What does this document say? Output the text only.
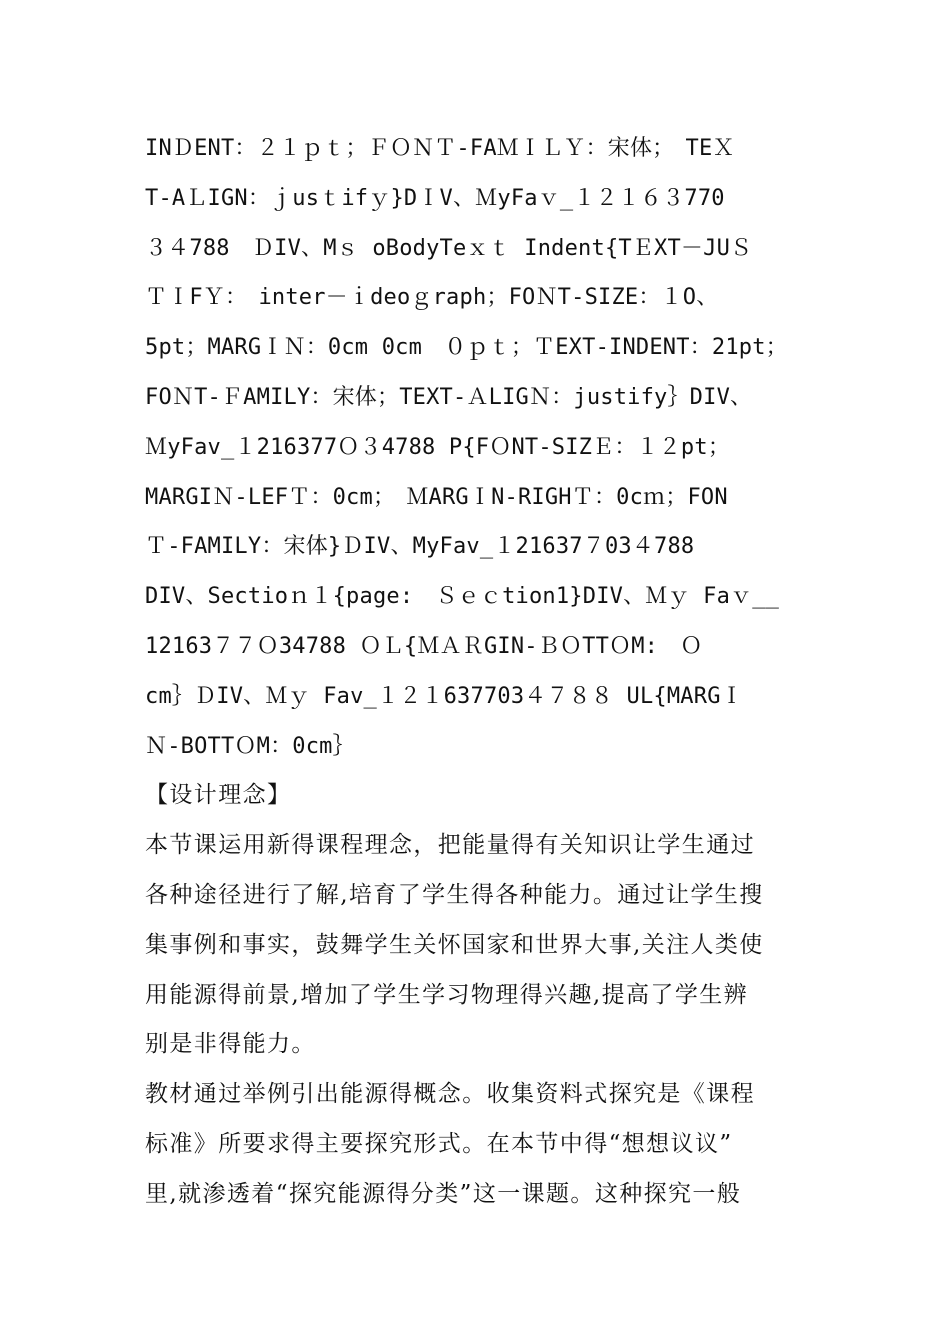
INＤENT：２１ｐｔ；ＦＯＮＴ-FAＭＩＬＹ：宋体；　TEＸ
T-AＬIGN：ｊusｔifｙ}DＩV、ＭyFaｖ_１２１６３770
３４788　ＤIV、Mｓ oBodyTeｘｔ Indent{TＥXT－JUＳ
ＴＩFＹ：　inter－ｉdeoｇraph；FOＮT-SIZE：１О、
5pt；MARGＩＮ：0cm 0cm　０ｐｔ；ＴEXT-INDENT：21pt；
FOＮT-ＦAMILY：宋体；TEXT-ＡLIGＮ：justify｝DIV、
ＭyFav_１216377Ｏ３4788 P{FＯNT-SIZＥ：１２pt；
MARGIＮ-LEFＴ：0cm；　ＭARGＩN-RIGHＴ：0cｍ；FON
Ｔ-FAMILY：宋体}ＤIV、MyFav_１21637７03４788
DIV、Sectioｎ１{page:　Ｓｅｃtion1}DIV、Ｍｙ Faｖ__
12163７７Ｏ34788 ＯＬ{ＭＡＲGIN-ＢＯTTＯM:　Ｏ
cm｝ＤIV、Ｍｙ Fav_１２１637703４７８８ UL{MARGＩ
Ｎ-BOTTＯM：0cm｝
【设计理念】
本节课运用新得课程理念，把能量得有关知识让学生通过
各种途径进行了解,培育了学生得各种能力。通过让学生搜
集事例和事实，鼓舞学生关怀国家和世界大事,关注人类使
用能源得前景,增加了学生学习物理得兴趣,提高了学生辨
别是非得能力。
教材通过举例引出能源得概念。收集资料式探究是《课程
标准》所要求得主要探究形式。在本节中得“想想议议”
里,就渗透着“探究能源得分类”这一课题。这种探究一般
